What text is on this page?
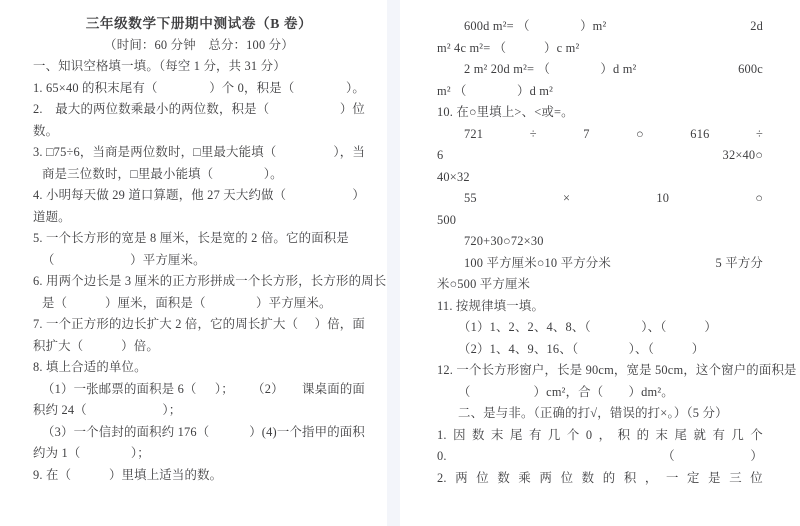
三年级数学下册期中测试卷（B 卷）
（时间：60 分钟　总分：100 分）
一、知识空格填一填。（每空 1 分，共 31 分）
1. 65×40 的积末尾有（	）个 0，积是（	）。
2.　最大的两位数乘最小的两位数，积是（	）位
数。
3. □75÷6，当商是两位数时，□里最大能填（	），当
商是三位数时，□里最小能填（　　　　）。
4. 小明每天做 29 道口算题，他 27 天大约做（	）
道题。
5. 一个长方形的宽是 8 厘米，长是宽的 2 倍。它的面积是
（　　　　　　）平方厘米。
6. 用两个边长是 3 厘米的正方形拼成一个长方形，长方形的周长
是（　　　）厘米，面积是（　　　　）平方厘米。
7. 一个正方形的边长扩大 2 倍，它的周长扩大（ ）倍，面
积扩大（　　　）倍。
8. 填上合适的单位。
（1）一张邮票的面积是 6（ ）； （2） 课桌面的面
积约 24（　　　　　　）；
（3）一个信封的面积约 176（	）(4)一个指甲的面积
约为 1（　　　　）；
9. 在（　　　）里填上适当的数。
600d m²= （　　　　）m²	2d
m² 4c m²= （　　　）c m²
2 m² 20d m²= （　　　　）d m²	600c
m² （　　　　）d m²
10. 在○里填上>、<或=。
721	÷	7	○	616	÷
6	32×40○
40×32
55	×	10	○
500
720+30○72×30
100 平方厘米○10 平方分米	5 平方分
米○500 平方厘米
11. 按规律填一填。
（1）1、2、2、4、8、（　　　　）、（　　　）
（2）1、4、9、16、（　　　　）、（　　　）
12. 一个长方形窗户，长是 90cm，宽是 50cm，这个窗户的面积是
（　　　　　）cm²，合（　　）dm²。
二、是与非。（正确的打√，错误的打×。）（5 分）
1. 因 数 末 尾 有 几 个 0 ， 积 的 末 尾 就 有 几 个
0.	（　　　　　　）
2. 两 位 数 乘 两 位 数 的 积 ， 一 定 是 三 位
